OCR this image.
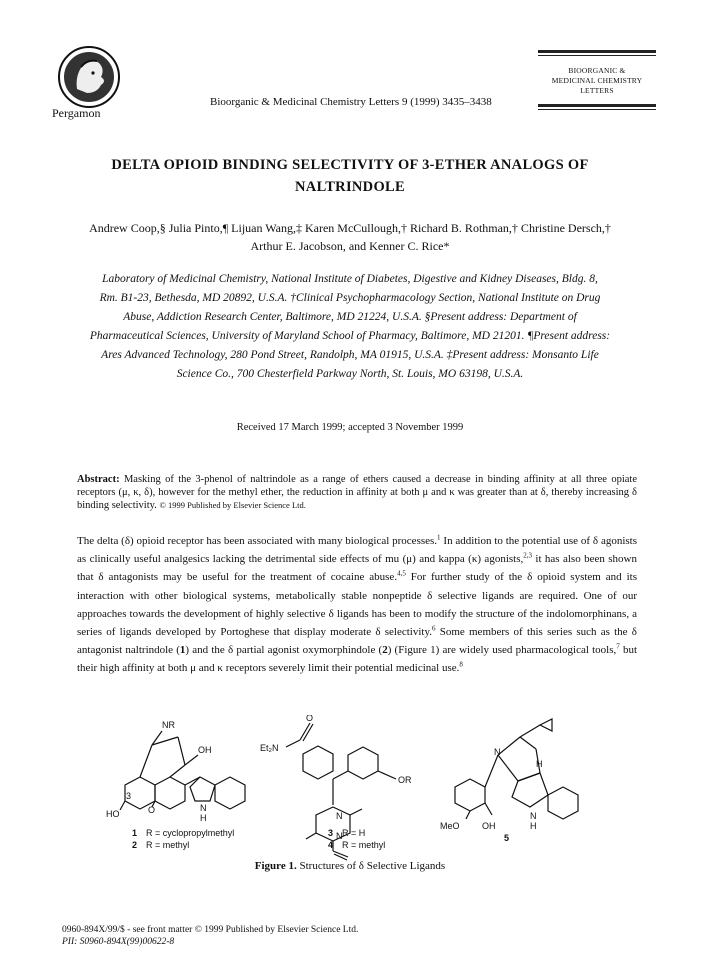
Pergamon
Bioorganic & Medicinal Chemistry Letters 9 (1999) 3435–3438
BIOORGANIC &
MEDICINAL CHEMISTRY
LETTERS
DELTA OPIOID BINDING SELECTIVITY OF 3-ETHER ANALOGS OF
NALTRINDOLE
Andrew Coop,§ Julia Pinto,¶ Lijuan Wang,‡ Karen McCullough,† Richard B. Rothman,† Christine Dersch,†
Arthur E. Jacobson, and Kenner C. Rice*
Laboratory of Medicinal Chemistry, National Institute of Diabetes, Digestive and Kidney Diseases, Bldg. 8,
Rm. B1-23, Bethesda, MD 20892, U.S.A. †Clinical Psychopharmacology Section, National Institute on Drug
Abuse, Addiction Research Center, Baltimore, MD 21224, U.S.A. §Present address: Department of
Pharmaceutical Sciences, University of Maryland School of Pharmacy, Baltimore, MD 21201. ¶Present address:
Ares Advanced Technology, 280 Pond Street, Randolph, MA 01915, U.S.A. ‡Present address: Monsanto Life
Science Co., 700 Chesterfield Parkway North, St. Louis, MO 63198, U.S.A.
Received 17 March 1999; accepted 3 November 1999
Abstract: Masking of the 3-phenol of naltrindole as a range of ethers caused a decrease in binding affinity at all three opiate receptors (μ, κ, δ), however for the methyl ether, the reduction in affinity at both μ and κ was greater than at δ, thereby increasing δ binding selectivity. © 1999 Published by Elsevier Science Ltd.
The delta (δ) opioid receptor has been associated with many biological processes.$^1$ In addition to the potential use of δ agonists as clinically useful analgesics lacking the detrimental side effects of mu (μ) and kappa (κ) agonists,$^{2,3}$ it has also been shown that δ antagonists may be useful for the treatment of cocaine abuse.$^{4,5}$ For further study of the δ opioid system and its interaction with other biological systems, metabolically stable nonpeptide δ selective ligands are required. One of our approaches towards the development of highly selective δ ligands has been to modify the structure of the indolomorphinans, a series of ligands developed by Portoghese that display moderate δ selectivity.$^6$ Some members of this series such as the δ antagonist naltrindole (1) and the δ partial agonist oxymorphindole (2) (Figure 1) are widely used pharmacological tools,$^7$ but their high affinity at both μ and κ receptors severely limit their potential medicinal use.$^8$
NR
OH
3
HO	O	N
H
O
Et₂N
OR
N
N
N
H
MeO OH
N
H
1 R = cyclopropylmethyl
2 R = methyl
3 R = H
4 R = methyl
5
Figure 1. Structures of δ Selective Ligands
0960-894X/99/$ - see front matter © 1999 Published by Elsevier Science Ltd.
PII: S0960-894X(99)00622-8
